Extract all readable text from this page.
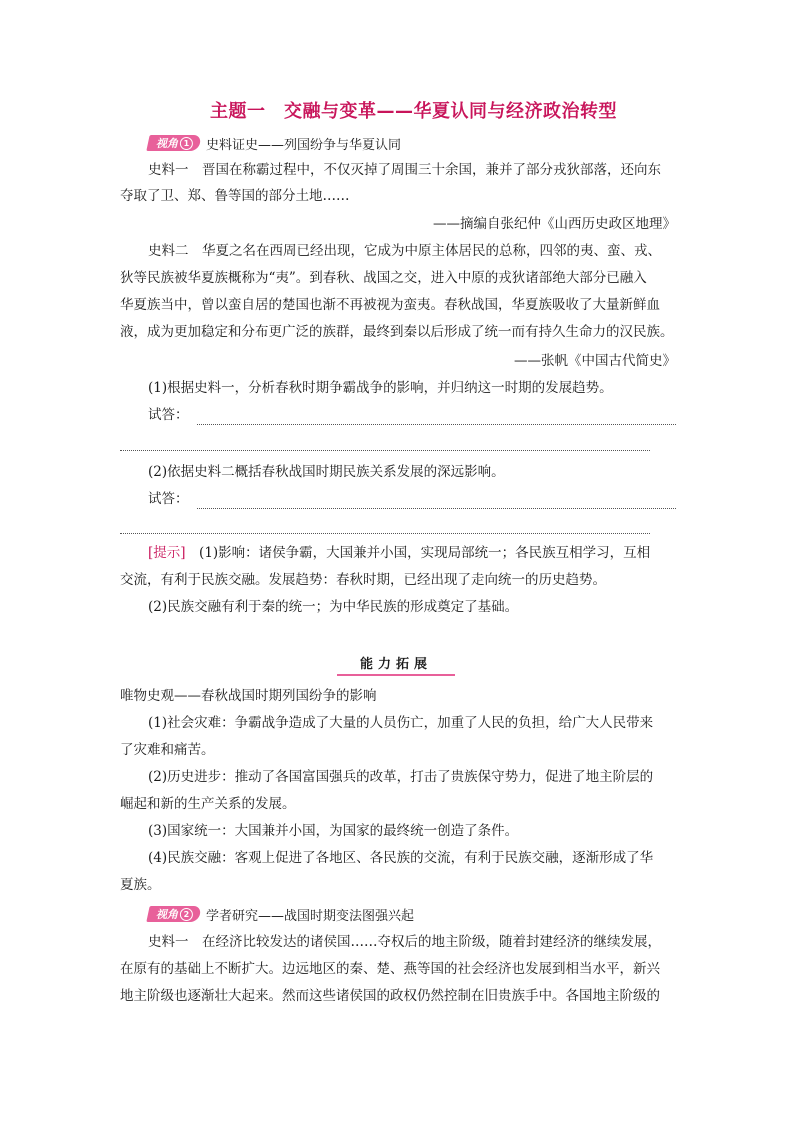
主题一　交融与变革——华夏认同与经济政治转型
视角 1 史料证史——列国纷争与华夏认同
史料一　晋国在称霸过程中，不仅灭掉了周围三十余国，兼并了部分戎狄部落，还向东
夺取了卫、郑、鲁等国的部分土地……
——摘编自张纪仲《山西历史政区地理》
史料二　华夏之名在西周已经出现，它成为中原主体居民的总称，四邻的夷、蛮、戎、
狄等民族被华夏族概称为“夷”。到春秋、战国之交，进入中原的戎狄诸部绝大部分已融入
华夏族当中，曾以蛮自居的楚国也渐不再被视为蛮夷。春秋战国，华夏族吸收了大量新鲜血
液，成为更加稳定和分布更广泛的族群，最终到秦以后形成了统一而有持久生命力的汉民族。
——张帆《中国古代简史》
(1)根据史料一，分析春秋时期争霸战争的影响，并归纳这一时期的发展趋势。
试答：
(2)依据史料二概括春秋战国时期民族关系发展的深远影响。
试答：
[提示]　 (1)影响：诸侯争霸，大国兼并小国，实现局部统一；各民族互相学习，互相
交流，有利于民族交融。发展趋势：春秋时期，已经出现了走向统一的历史趋势。
(2)民族交融有利于秦的统一；为中华民族的形成奠定了基础。
能力拓展
唯物史观——春秋战国时期列国纷争的影响
(1)社会灾难：争霸战争造成了大量的人员伤亡，加重了人民的负担，给广大人民带来
了灾难和痛苦。
(2)历史进步：推动了各国富国强兵的改革，打击了贵族保守势力，促进了地主阶层的
崛起和新的生产关系的发展。
(3)国家统一：大国兼并小国，为国家的最终统一创造了条件。
(4)民族交融：客观上促进了各地区、各民族的交流，有利于民族交融，逐渐形成了华
夏族。
视角 2 学者研究——战国时期变法图强兴起
史料一　在经济比较发达的诸侯国……夺权后的地主阶级，随着封建经济的继续发展，
在原有的基础上不断扩大。边远地区的秦、楚、燕等国的社会经济也发展到相当水平，新兴
地主阶级也逐渐壮大起来。然而这些诸侯国的政权仍然控制在旧贵族手中。各国地主阶级的
